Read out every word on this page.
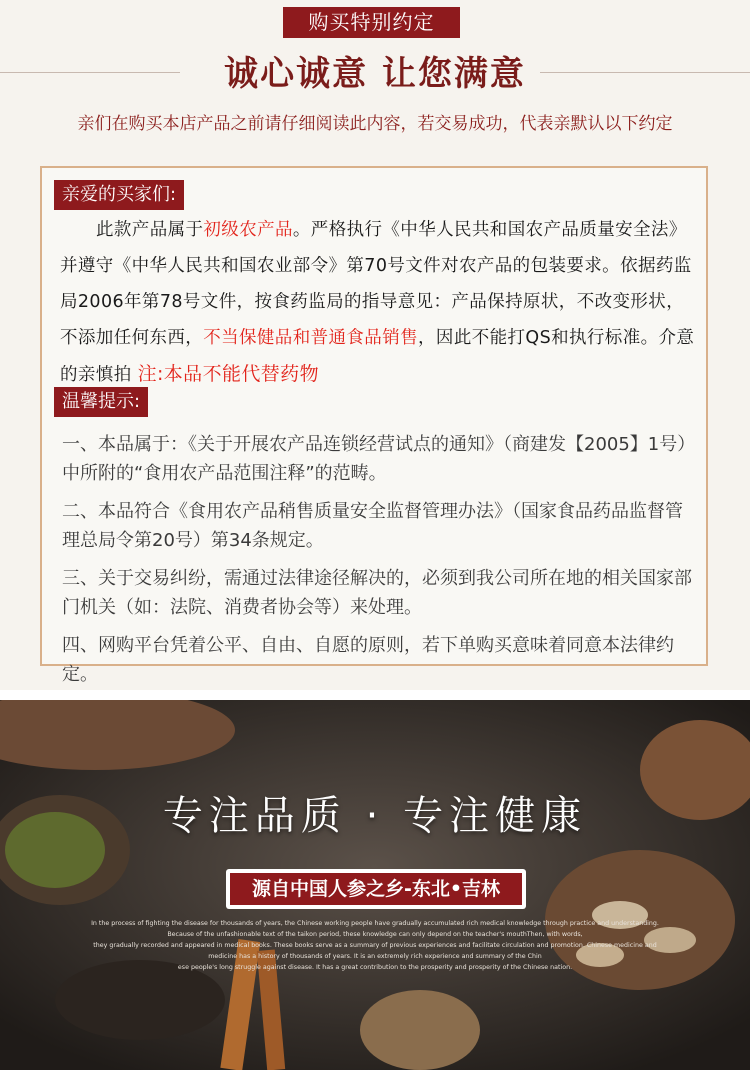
购买特别约定
诚心诚意 让您满意
亲们在购买本店产品之前请仔细阅读此内容，若交易成功，代表亲默认以下约定
亲爱的买家们:
此款产品属于初级农产品。严格执行《中华人民共和国农产品质量安全法》并遵守《中华人民共和国农业部令》第70号文件对农产品的包装要求。依据药监局2006年第78号文件，按食药监局的指导意见：产品保持原状，不改变形状，不添加任何东西，不当保健品和普通食品销售，因此不能打QS和执行标准。介意的亲慎拍 注:本品不能代替药物
温馨提示:
一、本品属于：《关于开展农产品连锁经营试点的通知》（商建发【2005】1号）中所附的“食用农产品范围注释”的范畴。
二、本品符合《食用农产品稍售质量安全监督管理办法》（国家食品药品监督管理总局令第20号）第34条规定。
三、关于交易纠纷，需通过法律途径解决的，必须到我公司所在地的相关国家部门机关（如：法院、消费者协会等）来处理。
四、网购平台凭着公平、自由、自愿的原则，若下单购买意味着同意本法律约定。
专注品质 · 专注健康
源自中国人参之乡-东北•吉林
In the process of fighting the disease for thousands of years, the Chinese working people have gradually accumulated rich medical knowledge through practice and understanding.
Because of the unfashionable text of the taikon period, these knowledge can only depend on the teacher's mouthThen, with words,
they gradually recorded and appeared in medical books. These books serve as a summary of previous experiences and facilitate circulation and promotion. Chinese medicine and
medicine has a history of thousands of years. It is an extremely rich experience and summary of the Chin
ese people's long struggle against disease. It has a great contribution to the prosperity and prosperity of the Chinese nation.
